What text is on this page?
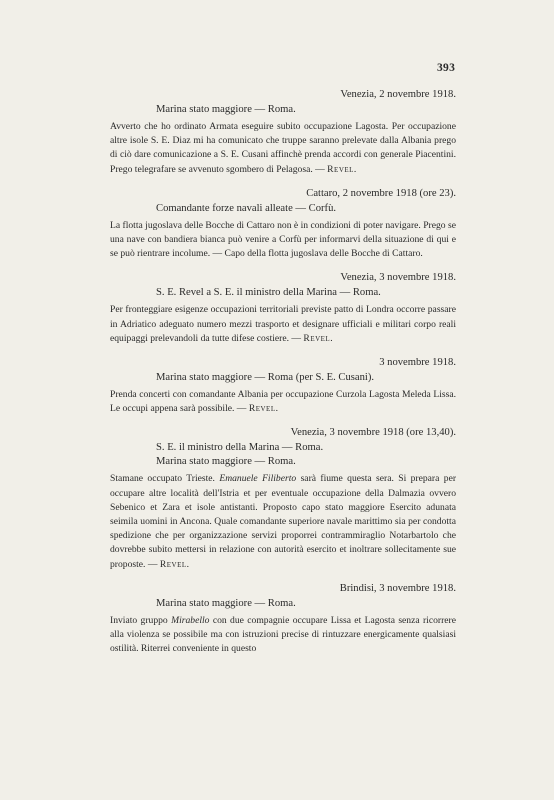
393

Venezia, 2 novembre 1918.

Marina stato maggiore — Roma.

Avverto che ho ordinato Armata eseguire subito occupazione Lagosta. Per occupazione altre isole S. E. Diaz mi ha comunicato che truppe saranno prelevate dalla Albania prego di ciò dare comunicazione a S. E. Cusani affinchè prenda accordi con generale Piacentini. Prego telegrafare se avvenuto sgombero di Pelagosa. — Revel.

Cattaro, 2 novembre 1918 (ore 23).

Comandante forze navali alleate — Corfù.

La flotta jugoslava delle Bocche di Cattaro non è in condizioni di poter navigare. Prego se una nave con bandiera bianca può venire a Corfù per informarvi della situazione di qui e se può rientrare incolume. — Capo della flotta jugoslava delle Bocche di Cattaro.

Venezia, 3 novembre 1918.

S. E. Revel a S. E. il ministro della Marina — Roma.

Per fronteggiare esigenze occupazioni territoriali previste patto di Londra occorre passare in Adriatico adeguato numero mezzi trasporto et designare ufficiali e militari corpo reali equipaggi prelevandoli da tutte difese costiere. — Revel.

3 novembre 1918.

Marina stato maggiore — Roma (per S. E. Cusani).

Prenda concerti con comandante Albania per occupazione Curzola Lagosta Meleda Lissa. Le occupi appena sarà possibile. — Revel.

Venezia, 3 novembre 1918 (ore 13,40).

S. E. il ministro della Marina — Roma.

Marina stato maggiore — Roma.

Stamane occupato Trieste. Emanuele Filiberto sarà fiume questa sera. Si prepara per occupare altre località dell'Istria et per eventuale occupazione della Dalmazia ovvero Sebenico et Zara et isole antistanti. Proposto capo stato maggiore Esercito adunata seimila uomini in Ancona. Quale comandante superiore navale marittimo sia per condotta spedizione che per organizzazione servizi proporrei contrammiraglio Notarbartolo che dovrebbe subito mettersi in relazione con autorità esercito et inoltrare sollecitamente sue proposte. — Revel.

Brindisi, 3 novembre 1918.

Marina stato maggiore — Roma.

Inviato gruppo Mirabello con due compagnie occupare Lissa et Lagosta senza ricorrere alla violenza se possibile ma con istruzioni precise di rintuzzare energicamente qualsiasi ostilità. Riterrei conveniente in questo
